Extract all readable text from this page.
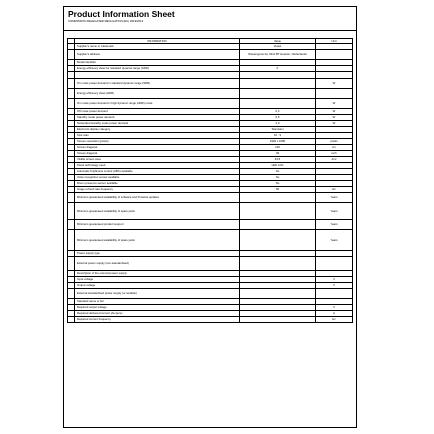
Product Information Sheet
COMMISSION DELEGATED REGULATION (EU) 2019/2013
	INFORMATION	Value	Unit
	Supplier's name or trademark	Vestel	
	Supplier's address	Westergouw 2a, 6411 BT Heerlen, Netherlands	
	Model identifier		
	Energy efficiency class for standard dynamic range (SDR)	F	

	On mode power demand in standard dynamic range (SDR)		W
	Energy efficiency class (HDR)		
	On mode power demand in high dynamic range (HDR) mode		W
	Off mode power demand	0,3	W
	Standby mode power demand	0,5	W
	Networked standby mode power demand	2,0	W
	Electronic display category	Television	
	Size ratio	16 : 9	
	Screen resolution (pixels)	1920 x 1080	pixels
	Screen diagonal	100	cm
	Screen diagonal	39	inch
	Visible screen area	43,5	dm²
	Panel technology used	LED LCD	
	Automatic brightness control (ABC) available	No	
	Voice recognition sensor available	No	
	Room presence sensor available	No	
	Image refresh rate frequency	60	Hz
	Minimum guaranteed availability of software and firmware updates		Years
	Minimum guaranteed availability of spare parts		Years
	Minimum guaranteed product support		Years
	Minimum guaranteed availability of spare parts		Years
	Power supply type		
	External power supply (non-standardised)		
	Description of the external power supply		
	Input voltage		V
	Output voltage		V
	External standardised power supply (or suitable)		
	Standard name or list		
	Required output voltage		V
	Required delivered current (Ampere)		A
	Required current frequency		Hz
